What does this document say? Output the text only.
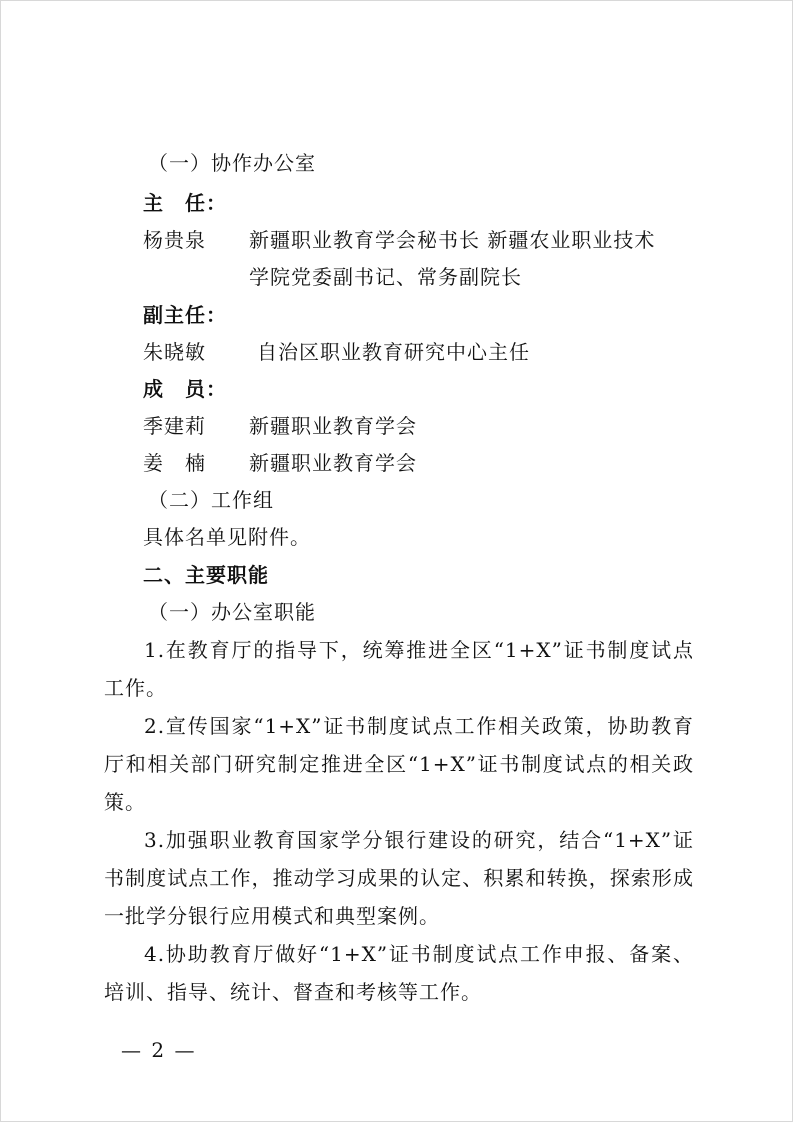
（一）协作办公室
主　任：
杨贵泉 新疆职业教育学会秘书长 新疆农业职业技术
学院党委副书记、常务副院长
副主任：
朱晓敏	自治区职业教育研究中心主任
成　员：
季建莉 新疆职业教育学会
姜　楠 新疆职业教育学会
（二）工作组
具体名单见附件。
二、主要职能
（一）办公室职能
1.在教育厅的指导下，统筹推进全区“1+X”证书制度试点工作。
2.宣传国家“1+X”证书制度试点工作相关政策，协助教育厅和相关部门研究制定推进全区“1+X”证书制度试点的相关政策。
3.加强职业教育国家学分银行建设的研究，结合“1+X”证书制度试点工作，推动学习成果的认定、积累和转换，探索形成一批学分银行应用模式和典型案例。
4.协助教育厅做好“1+X”证书制度试点工作申报、备案、培训、指导、统计、督查和考核等工作。
— 2 —
